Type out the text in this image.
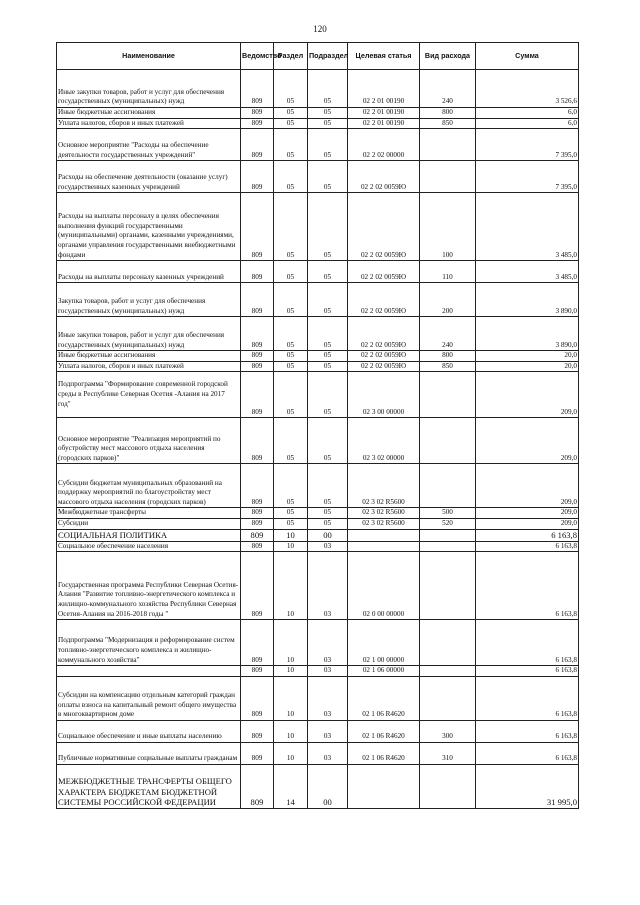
120
Наименование	Ведомство	Раздел	Подраздел	Целевая статья	Вид расхода	Сумма
Иные закупки товаров, работ и услуг для обеспечения государственных (муниципальных) нужд	809	05	05	02 2 01 00190	240	3 526,6
Иные бюджетные ассигнования	809	05	05	02 2 01 00190	800	6,0
Уплата налогов, сборов и иных платежей	809	05	05	02 2 01 00190	850	6,0
Основное мероприятие "Расходы на обеспечение деятельности государственных учреждений"	809	05	05	02 2 02 00000		7 395,0
Расходы на обеспечение деятельности (оказание услуг) государственных казенных учреждений	809	05	05	02 2 02 0059Ю		7 395,0
Расходы на выплаты персоналу в целях обеспечения выполнения функций государственными (муниципальными) органами, казенными учреждениями, органами управления государственными внебюджетными фондами	809	05	05	02 2 02 0059Ю	100	3 485,0
Расходы на выплаты персоналу казенных учреждений	809	05	05	02 2 02 0059Ю	110	3 485,0
Закупка товаров, работ и услуг для обеспечения государственных (муниципальных) нужд	809	05	05	02 2 02 0059Ю	200	3 890,0
Иные закупки товаров, работ и услуг для обеспечения государственных (муниципальных) нужд	809	05	05	02 2 02 0059Ю	240	3 890,0
Иные бюджетные ассигнования	809	05	05	02 2 02 0059Ю	800	20,0
Уплата налогов, сборов и иных платежей	809	05	05	02 2 02 0059Ю	850	20,0
Подпрограмма "Формирование современной городской среды в Республике Северная Осетия -Алания на 2017 год"	809	05	05	02 3 00 00000		209,0
Основное мероприятие "Реализация мероприятий по обустройству мест массового отдыха населения (городских парков)"	809	05	05	02 3 02 00000		209,0
Субсидии бюджетам муниципальных образований на поддержку мероприятий по благоустройству мест массового отдыха населения (городских парков)	809	05	05	02 3 02 R5600		209,0
Межбюджетные трансферты	809	05	05	02 3 02 R5600	500	209,0
Субсидии	809	05	05	02 3 02 R5600	520	209,0
СОЦИАЛЬНАЯ ПОЛИТИКА	809	10	00			6 163,8
Социальное обеспечение населения	809	10	03			6 163,8
Государственная программа Республики Северная Осетия-Алания "Развитие топливно-энергетического комплекса и жилищно-коммунального хозяйства Республики Северная Осетия-Алания на 2016-2018 годы "	809	10	03	02 0 00 00000		6 163,8
Подпрограмма "Модернизация и реформирование систем топливно-энергетического комплекса и жилищно-коммунального хозяйства"	809	10	03	02 1 00 00000		6 163,8
	809	10	03	02 1 06 00000		6 163,8
Субсидии на компенсацию отдельным категорий граждан оплаты взноса на капитальный ремонт общего имущества в многоквартирном доме	809	10	03	02 1 06 R4620		6 163,8
Социальное обеспечение и иные выплаты населению	809	10	03	02 1 06 R4620	300	6 163,8
Публичные нормативные социальные выплаты гражданам	809	10	03	02 1 06 R4620	310	6 163,8
МЕЖБЮДЖЕТНЫЕ ТРАНСФЕРТЫ ОБЩЕГО ХАРАКТЕРА БЮДЖЕТАМ БЮДЖЕТНОЙ СИСТЕМЫ РОССИЙСКОЙ ФЕДЕРАЦИИ	809	14	00			31 995,0
